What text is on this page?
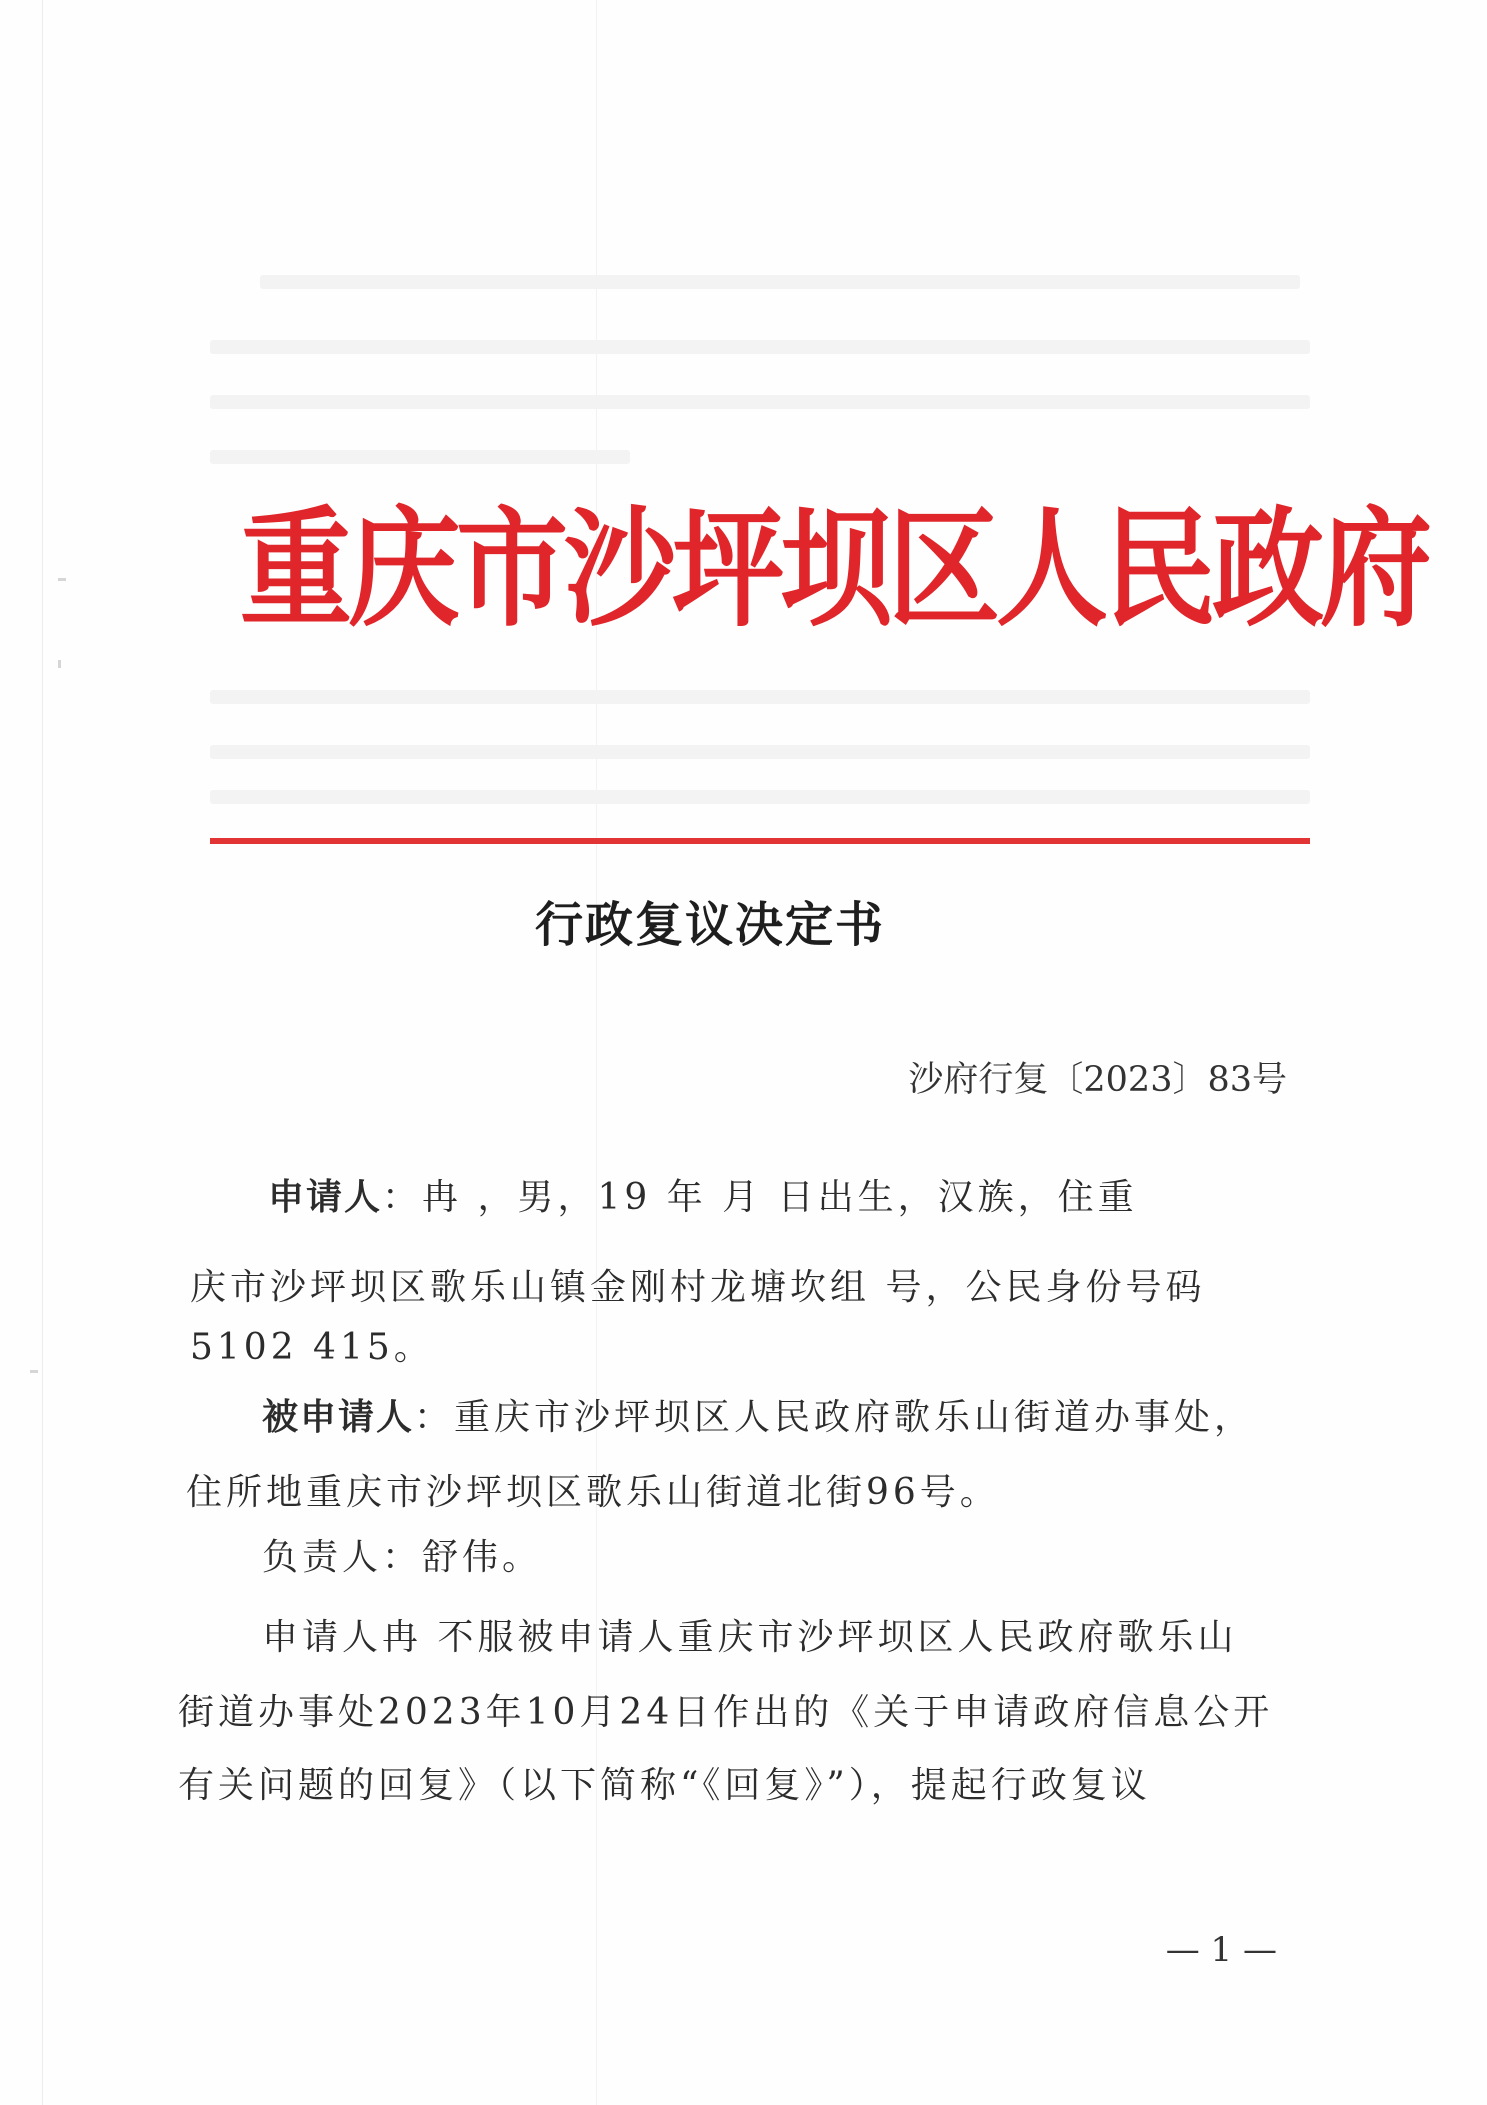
重庆市沙坪坝区人民政府
行政复议决定书
沙府行复〔2023〕83号
申请人：冉 ，男，19 年 月 日出生，汉族，住重
庆市沙坪坝区歌乐山镇金刚村龙塘坎组 号，公民身份号码
5102 415。
被申请人：重庆市沙坪坝区人民政府歌乐山街道办事处，
住所地重庆市沙坪坝区歌乐山街道北街96号。
负责人：舒伟。
申请人冉 不服被申请人重庆市沙坪坝区人民政府歌乐山
街道办事处2023年10月24日作出的《关于申请政府信息公开
有关问题的回复》（以下简称“《回复》”），提起行政复议
— 1 —
